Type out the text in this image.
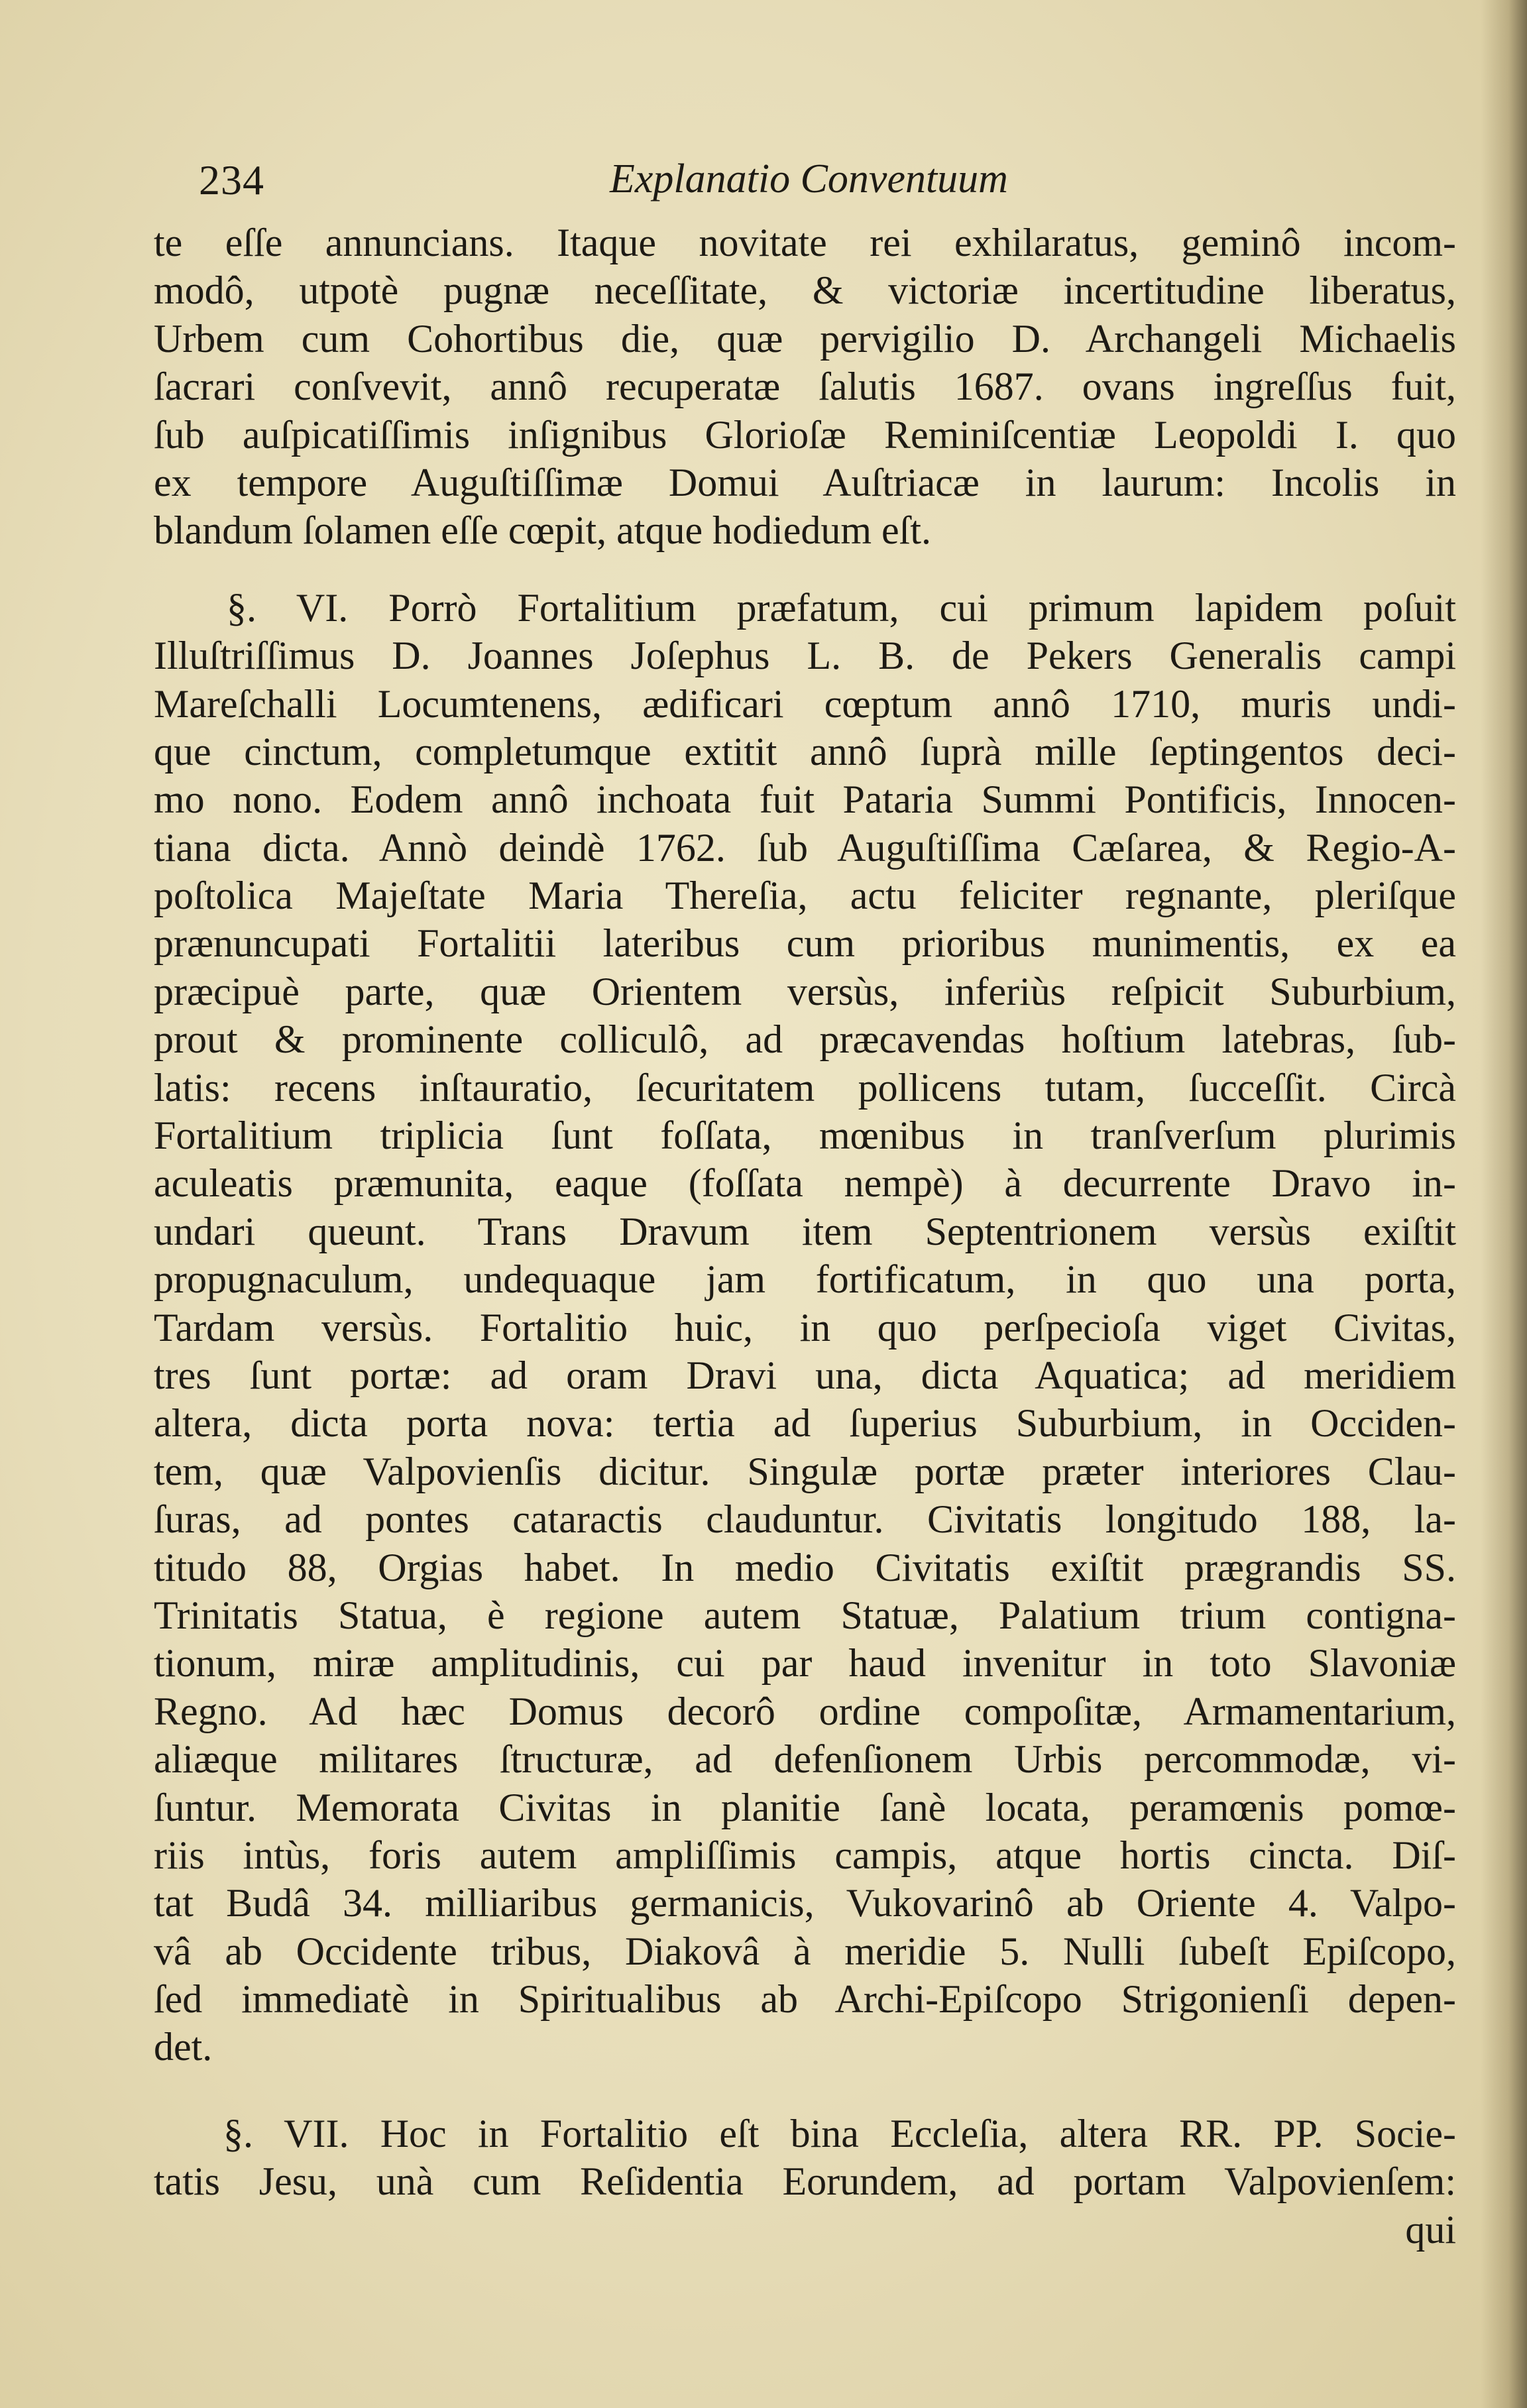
234	Explanatio Conventuum
te eſſe annuncians. Itaque novitate rei exhilaratus, geminô incom-
modô, utpotè pugnæ neceſſitate, & victoriæ incertitudine liberatus,
Urbem cum Cohortibus die, quæ pervigilio D. Archangeli Michaelis
ſacrari conſvevit, annô recuperatæ ſalutis 1687. ovans ingreſſus fuit,
ſub auſpicatiſſimis inſignibus Glorioſæ Reminiſcentiæ Leopoldi I. quo
ex tempore Auguſtiſſimæ Domui Auſtriacæ in laurum: Incolis in
blandum ſolamen eſſe cœpit, atque hodiedum eſt.
§. VI. Porrò Fortalitium præfatum, cui primum lapidem poſuit
Illuſtriſſimus D. Joannes Joſephus L. B. de Pekers Generalis campi
Mareſchalli Locumtenens, ædificari cœptum annô 1710, muris undi-
que cinctum, completumque extitit annô ſuprà mille ſeptingentos deci-
mo nono. Eodem annô inchoata fuit Pataria Summi Pontificis, Innocen-
tiana dicta. Annò deindè 1762. ſub Auguſtiſſima Cæſarea, & Regio-A-
poſtolica Majeſtate Maria Thereſia, actu feliciter regnante, pleriſque
prænuncupati Fortalitii lateribus cum prioribus munimentis, ex ea
præcipuè parte, quæ Orientem versùs, inferiùs reſpicit Suburbium,
prout & prominente colliculô, ad præcavendas hoſtium latebras, ſub-
latis: recens inſtauratio, ſecuritatem pollicens tutam, ſucceſſit. Circà
Fortalitium triplicia ſunt foſſata, mœnibus in tranſverſum plurimis
aculeatis præmunita, eaque (foſſata nempè) à decurrente Dravo in-
undari queunt. Trans Dravum item Septentrionem versùs exiſtit
propugnaculum, undequaque jam fortificatum, in quo una porta,
Tardam versùs. Fortalitio huic, in quo perſpecioſa viget Civitas,
tres ſunt portæ: ad oram Dravi una, dicta Aquatica; ad meridiem
altera, dicta porta nova: tertia ad ſuperius Suburbium, in Occiden-
tem, quæ Valpovienſis dicitur. Singulæ portæ præter interiores Clau-
ſuras, ad pontes cataractis clauduntur. Civitatis longitudo 188, la-
titudo 88, Orgias habet. In medio Civitatis exiſtit prægrandis SS.
Trinitatis Statua, è regione autem Statuæ, Palatium trium contigna-
tionum, miræ amplitudinis, cui par haud invenitur in toto Slavoniæ
Regno. Ad hæc Domus decorô ordine compoſitæ, Armamentarium,
aliæque militares ſtructuræ, ad defenſionem Urbis percommodæ, vi-
ſuntur. Memorata Civitas in planitie ſanè locata, peramœnis pomœ-
riis intùs, foris autem ampliſſimis campis, atque hortis cincta. Diſ-
tat Budâ 34. milliaribus germanicis, Vukovarinô ab Oriente 4. Valpo-
vâ ab Occidente tribus, Diakovâ à meridie 5. Nulli ſubeſt Epiſcopo,
ſed immediatè in Spiritualibus ab Archi-Epiſcopo Strigonienſi depen-
det.
§. VII. Hoc in Fortalitio eſt bina Eccleſia, altera RR. PP. Socie-
tatis Jesu, unà cum Reſidentia Eorundem, ad portam Valpovienſem:
qui
